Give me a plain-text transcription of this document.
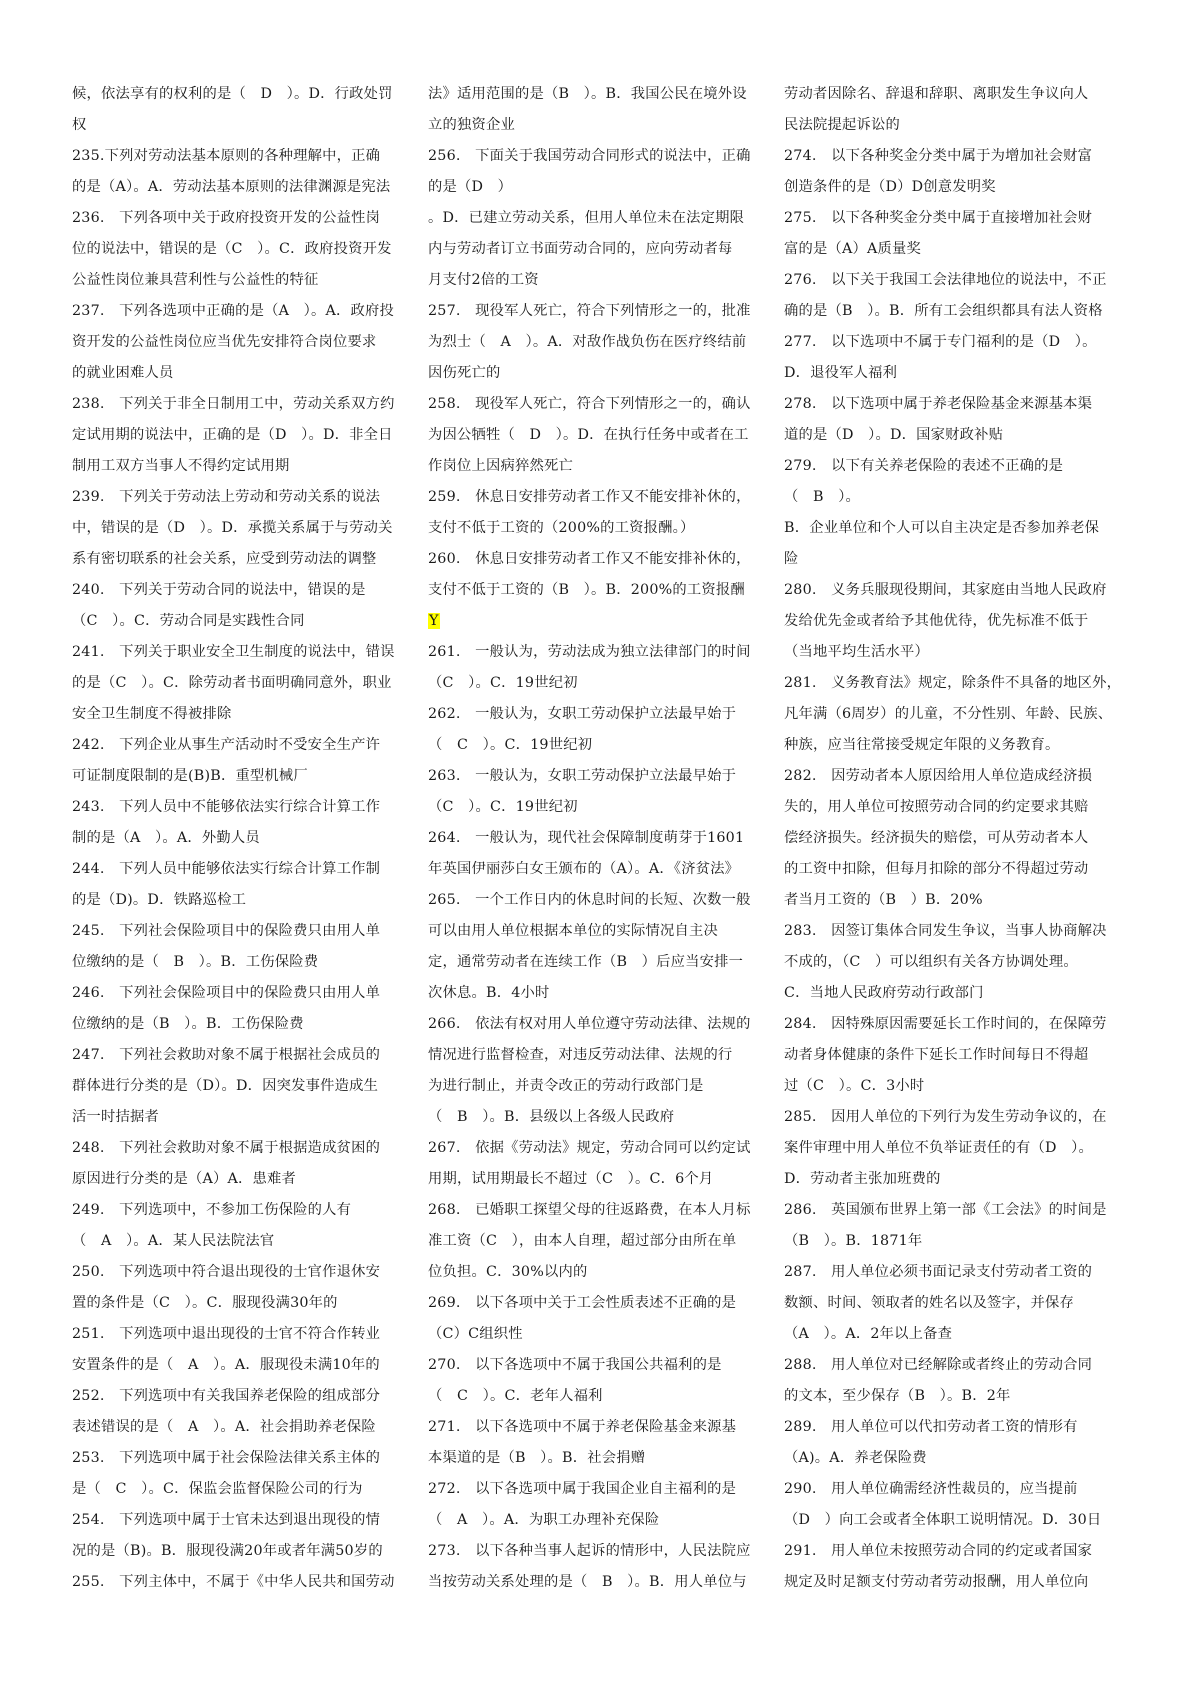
候，依法享有的权利的是（　D　）。D．行政处罚
权
235.下列对劳动法基本原则的各种理解中，正确
的是（A）。A．劳动法基本原则的法律渊源是宪法
236.　下列各项中关于政府投资开发的公益性岗
位的说法中，错误的是（C　）。C．政府投资开发
公益性岗位兼具营利性与公益性的特征
237.　下列各选项中正确的是（A　）。A．政府投
资开发的公益性岗位应当优先安排符合岗位要求
的就业困难人员
238.　下列关于非全日制用工中，劳动关系双方约
定试用期的说法中，正确的是（D　）。D．非全日
制用工双方当事人不得约定试用期
239.　下列关于劳动法上劳动和劳动关系的说法
中，错误的是（D　）。D．承揽关系属于与劳动关
系有密切联系的社会关系，应受到劳动法的调整
240.　下列关于劳动合同的说法中，错误的是
（C　）。C．劳动合同是实践性合同
241.　下列关于职业安全卫生制度的说法中，错误
的是（C　）。C．除劳动者书面明确同意外，职业
安全卫生制度不得被排除
242.　下列企业从事生产活动时不受安全生产许
可证制度限制的是(B)B．重型机械厂
243.　下列人员中不能够依法实行综合计算工作
制的是（A　）。A．外勤人员
244.　下列人员中能够依法实行综合计算工作制
的是（D)。D．铁路巡检工
245.　下列社会保险项目中的保险费只由用人单
位缴纳的是（　B　）。B．工伤保险费
246.　下列社会保险项目中的保险费只由用人单
位缴纳的是（B　）。B．工伤保险费
247.　下列社会救助对象不属于根据社会成员的
群体进行分类的是（D）。D．因突发事件造成生
活一时拮据者
248.　下列社会救助对象不属于根据造成贫困的
原因进行分类的是（A）A．患难者
249.　下列选项中，不参加工伤保险的人有
（　A　）。A．某人民法院法官
250.　下列选项中符合退出现役的士官作退休安
置的条件是（C　）。C．服现役满30年的
251.　下列选项中退出现役的士官不符合作转业
安置条件的是（　A　）。A．服现役未满10年的
252.　下列选项中有关我国养老保险的组成部分
表述错误的是（　A　）。A．社会捐助养老保险
253.　下列选项中属于社会保险法律关系主体的
是（　C　）。C．保监会监督保险公司的行为
254.　下列选项中属于士官未达到退出现役的情
况的是（B)。B．服现役满20年或者年满50岁的
255.　下列主体中，不属于《中华人民共和国劳动
法》适用范围的是（B　）。B．我国公民在境外设
立的独资企业
256.　下面关于我国劳动合同形式的说法中，正确
的是（D　）
。D．已建立劳动关系，但用人单位未在法定期限
内与劳动者订立书面劳动合同的，应向劳动者每
月支付2倍的工资
257.　现役军人死亡，符合下列情形之一的，批准
为烈士（　A　）。A．对敌作战负伤在医疗终结前
因伤死亡的
258.　现役军人死亡，符合下列情形之一的，确认
为因公牺牲（　D　）。D．在执行任务中或者在工
作岗位上因病猝然死亡
259.　休息日安排劳动者工作又不能安排补休的，
支付不低于工资的（200%的工资报酬。）
260.　休息日安排劳动者工作又不能安排补休的，
支付不低于工资的（B　）。B．200%的工资报酬
Y
261.　一般认为，劳动法成为独立法律部门的时间
（C　）。C．19世纪初
262.　一般认为，女职工劳动保护立法最早始于
（　C　）。C．19世纪初
263.　一般认为，女职工劳动保护立法最早始于
（C　）。C．19世纪初
264.　一般认为，现代社会保障制度萌芽于1601
年英国伊丽莎白女王颁布的（A）。A．《济贫法》
265.　一个工作日内的休息时间的长短、次数一般
可以由用人单位根据本单位的实际情况自主决
定，通常劳动者在连续工作（B　）后应当安排一
次休息。B．4小时
266.　依法有权对用人单位遵守劳动法律、法规的
情况进行监督检查，对违反劳动法律、法规的行
为进行制止，并责令改正的劳动行政部门是
（　B　）。B．县级以上各级人民政府
267.　依据《劳动法》规定，劳动合同可以约定试
用期，试用期最长不超过（C　）。C．6个月
268.　已婚职工探望父母的往返路费，在本人月标
准工资（C　），由本人自理，超过部分由所在单
位负担。C．30%以内的
269.　以下各项中关于工会性质表述不正确的是
（C）C组织性
270.　以下各选项中不属于我国公共福利的是
（　C　）。C．老年人福利
271.　以下各选项中不属于养老保险基金来源基
本渠道的是（B　）。B．社会捐赠
272.　以下各选项中属于我国企业自主福利的是
（　A　）。A．为职工办理补充保险
273.　以下各种当事人起诉的情形中，人民法院应
当按劳动关系处理的是（　B　）。B．用人单位与
劳动者因除名、辞退和辞职、离职发生争议向人
民法院提起诉讼的
274.　以下各种奖金分类中属于为增加社会财富
创造条件的是（D）D创意发明奖
275.　以下各种奖金分类中属于直接增加社会财
富的是（A）A质量奖
276.　以下关于我国工会法律地位的说法中，不正
确的是（B　）。B．所有工会组织都具有法人资格
277.　以下选项中不属于专门福利的是（D　）。
D．退役军人福利
278.　以下选项中属于养老保险基金来源基本渠
道的是（D　）。D．国家财政补贴
279.　以下有关养老保险的表述不正确的是
（　B　）。
B．企业单位和个人可以自主决定是否参加养老保
险
280.　义务兵服现役期间，其家庭由当地人民政府
发给优先金或者给予其他优待，优先标准不低于
（当地平均生活水平）
281.　义务教育法》规定，除条件不具备的地区外，
凡年满（6周岁）的儿童，不分性别、年龄、民族、
种族，应当往常接受规定年限的义务教育。
282.　因劳动者本人原因给用人单位造成经济损
失的，用人单位可按照劳动合同的约定要求其赔
偿经济损失。经济损失的赔偿，可从劳动者本人
的工资中扣除，但每月扣除的部分不得超过劳动
者当月工资的（B　）B．20%
283.　因签订集体合同发生争议，当事人协商解决
不成的，（C　）可以组织有关各方协调处理。
C．当地人民政府劳动行政部门
284.　因特殊原因需要延长工作时间的，在保障劳
动者身体健康的条件下延长工作时间每日不得超
过（C　）。C．3小时
285.　因用人单位的下列行为发生劳动争议的，在
案件审理中用人单位不负举证责任的有（D　）。
D．劳动者主张加班费的
286.　英国颁布世界上第一部《工会法》的时间是
（B　）。B．1871年
287.　用人单位必须书面记录支付劳动者工资的
数额、时间、领取者的姓名以及签字，并保存
（A　）。A．2年以上备查
288.　用人单位对已经解除或者终止的劳动合同
的文本，至少保存（B　）。B．2年
289.　用人单位可以代扣劳动者工资的情形有
（A)。A．养老保险费
290.　用人单位确需经济性裁员的，应当提前
（D　）向工会或者全体职工说明情况。D．30日
291.　用人单位未按照劳动合同的约定或者国家
规定及时足额支付劳动者劳动报酬，用人单位向
